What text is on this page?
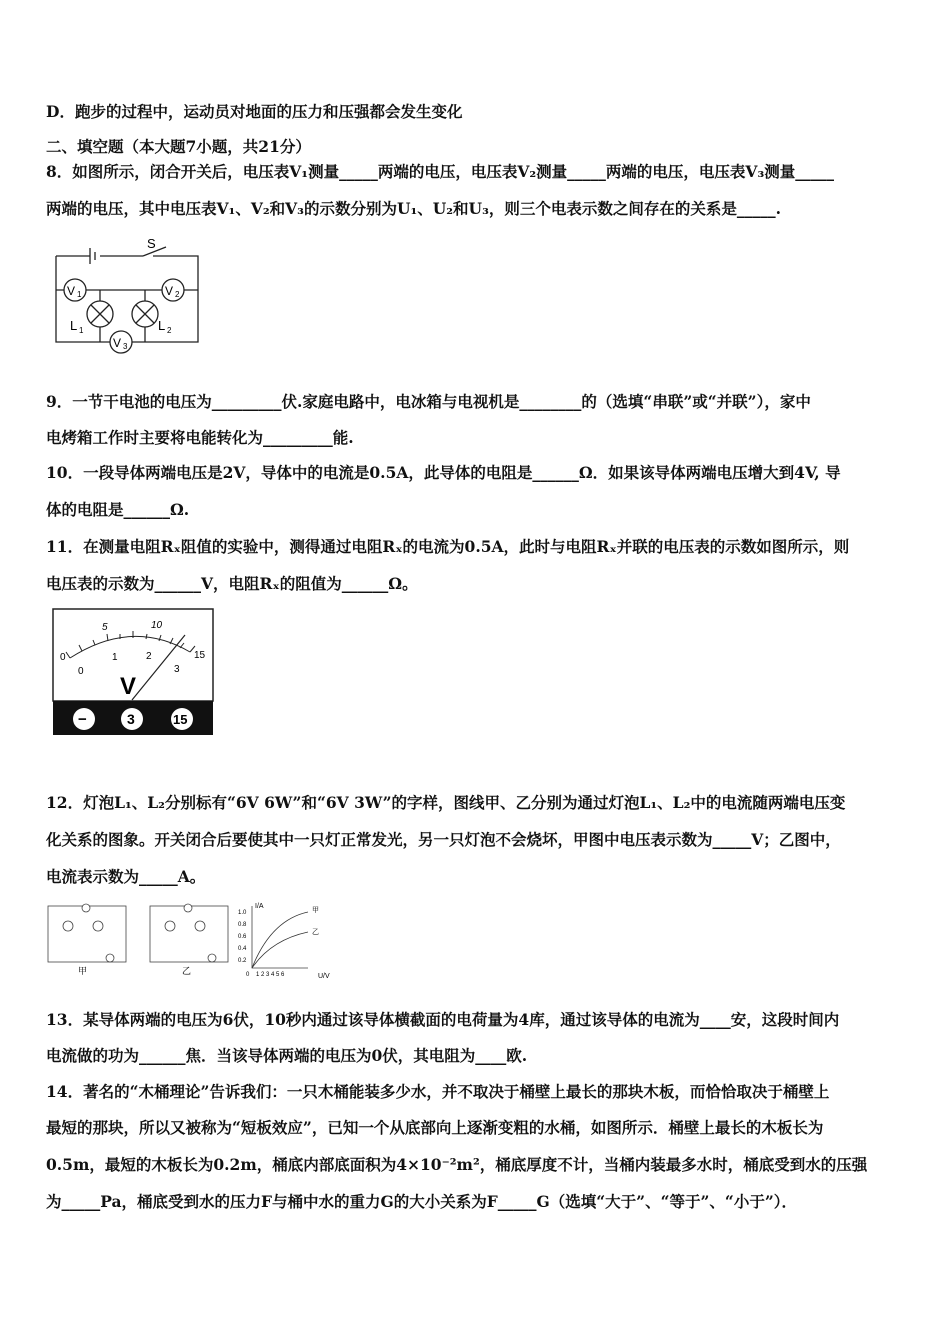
D．跑步的过程中，运动员对地面的压力和压强都会发生变化
二、填空题（本大题7小题，共21分）
8．如图所示，闭合开关后，电压表V₁测量_____两端的电压，电压表V₂测量_____两端的电压，电压表V₃测量_____
两端的电压，其中电压表V₁、V₂和V₃的示数分别为U₁、U₂和U₃，则三个电表示数之间存在的关系是_____.
S
V 1	V 2
V 3
L 1	L 2
9．一节干电池的电压为_________伏.家庭电路中，电冰箱与电视机是________的（选填“串联”或“并联”），家中
电烤箱工作时主要将电能转化为_________能.
10．一段导体两端电压是2V，导体中的电流是0.5A，此导体的电阻是______Ω．如果该导体两端电压增大到4V, 导
体的电阻是______Ω.
11．在测量电阻Rₓ阻值的实验中，测得通过电阻Rₓ的电流为0.5A，此时与电阻Rₓ并联的电压表的示数如图所示，则
电压表的示数为______V，电阻Rₓ的阻值为______Ω。
0
5	10
15
0
1	2
3
V
−	3	15
12．灯泡L₁、L₂分别标有“6V 6W”和“6V 3W”的字样，图线甲、乙分别为通过灯泡L₁、L₂中的电流随两端电压变
化关系的图象。开关闭合后要使其中一只灯正常发光，另一只灯泡不会烧坏，甲图中电压表示数为_____V；乙图中，
电流表示数为_____A。
甲	乙
I/A
U/V
甲
乙
1.0
0.8
0.6
0.4
0.2
0 1 2 3 4 5 6
13．某导体两端的电压为6伏，10秒内通过该导体横截面的电荷量为4库，通过该导体的电流为____安，这段时间内
电流做的功为______焦．当该导体两端的电压为0伏，其电阻为____欧.
14．著名的“木桶理论”告诉我们：一只木桶能装多少水，并不取决于桶壁上最长的那块木板，而恰恰取决于桶壁上
最短的那块，所以又被称为“短板效应”，已知一个从底部向上逐渐变粗的水桶，如图所示．桶壁上最长的木板长为
0.5m，最短的木板长为0.2m，桶底内部底面积为4×10⁻²m²，桶底厚度不计，当桶内装最多水时，桶底受到水的压强
为_____Pa，桶底受到水的压力F与桶中水的重力G的大小关系为F_____G（选填“大于”、“等于”、“小于”）．
